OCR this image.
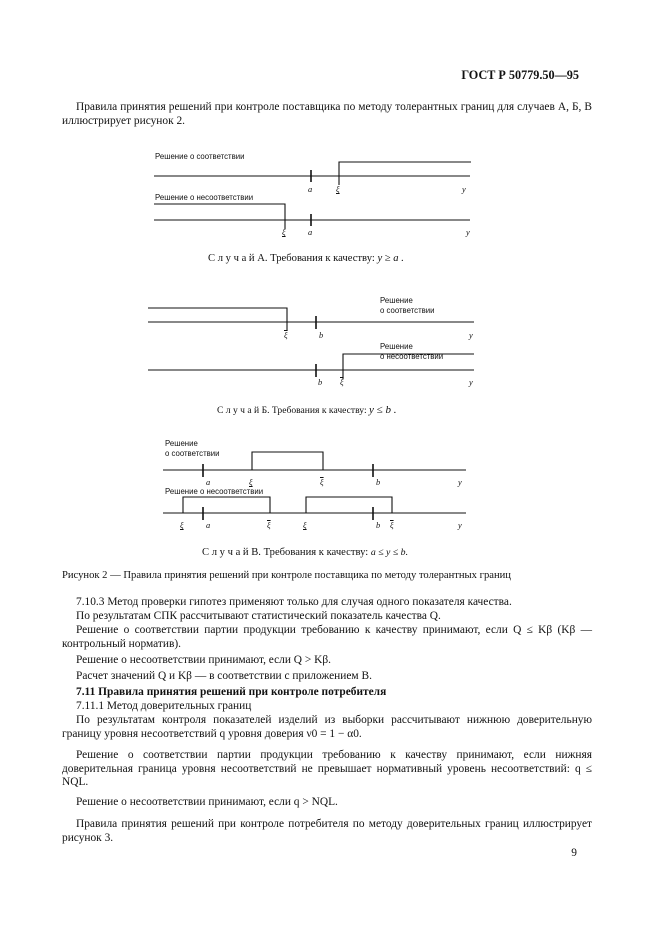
ГОСТ Р 50779.50—95
Правила принятия решений при контроле поставщика по методу толерантных границ для случаев А, Б, В иллюстрирует рисунок 2.
Решение о соответствии
Решение о несоответствии
a	ξ	y
ξ	a	y
С л у ч а й А. Требования к качеству: y ≥ a .
Решение
о соответствии
Решение
о несоответствии
$\overline{\xi}$	b	y
b $\overline{\xi}$	y
С л у ч а й Б. Требования к качеству: y ≤ b .
Решение
о соответствии
Решение о несоответствии
a	ξ	$\overline{\xi}$	b	y
ξ	a	$\overline{\xi}$	ξ	b $\overline{\xi}$	y
С л у ч а й В. Требования к качеству: a ≤ y ≤ b.
Рисунок 2 — Правила принятия решений при контроле поставщика по методу толерантных границ
7.10.3 Метод проверки гипотез применяют только для случая одного показателя качества.
По результатам СПК рассчитывают статистический показатель качества Q.
Решение о соответствии партии продукции требованию к качеству принимают, если Q ≤ Kβ (Kβ — контрольный норматив).
Решение о несоответствии принимают, если Q > Kβ.
Расчет значений Q и Kβ — в соответствии с приложением В.
7.11 Правила принятия решений при контроле потребителя
7.11.1 Метод доверительных границ
По результатам контроля показателей изделий из выборки рассчитывают нижнюю доверительную границу уровня несоответствий q уровня доверия ν0 = 1 − α0.
Решение о соответствии партии продукции требованию к качеству принимают, если нижняя доверительная граница уровня несоответствий не превышает нормативный уровень несоответствий: q ≤ NQL.
Решение о несоответствии принимают, если q > NQL.
Правила принятия решений при контроле потребителя по методу доверительных границ иллюстрирует рисунок 3.
9
